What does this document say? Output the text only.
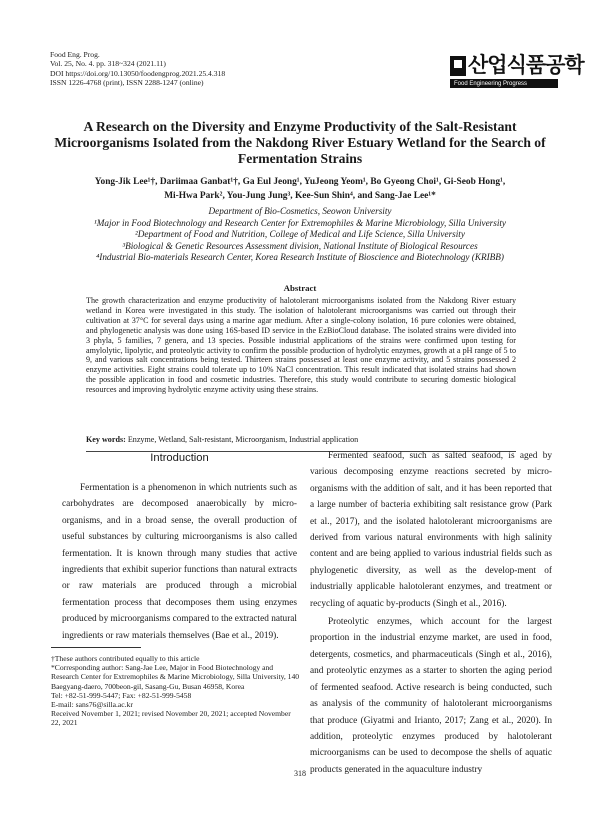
Food Eng. Prog.
Vol. 25, No. 4. pp. 318~324 (2021.11)
DOI https://doi.org/10.13050/foodengprog.2021.25.4.318
ISSN 1226-4768 (print), ISSN 2288-1247 (online)
산업식품공학
Food Engineering Progress
A Research on the Diversity and Enzyme Productivity of the Salt-Resistant Microorganisms Isolated from the Nakdong River Estuary Wetland for the Search of Fermentation Strains
Yong-Jik Lee¹†, Dariimaa Ganbat¹†, Ga Eul Jeong¹, YuJeong Yeom¹, Bo Gyeong Choi¹, Gi-Seob Hong¹,
Mi-Hwa Park², You-Jung Jung³, Kee-Sun Shin⁴, and Sang-Jae Lee¹*
Department of Bio-Cosmetics, Seowon University
¹Major in Food Biotechnology and Research Center for Extremophiles & Marine Microbiology, Silla University
²Department of Food and Nutrition, College of Medical and Life Science, Silla University
³Biological & Genetic Resources Assessment division, National Institute of Biological Resources
⁴Industrial Bio-materials Research Center, Korea Research Institute of Bioscience and Biotechnology (KRIBB)
Abstract
The growth characterization and enzyme productivity of halotolerant microorganisms isolated from the Nakdong River estuary wetland in Korea were investigated in this study. The isolation of halotolerant microorganisms was carried out through their cultivation at 37°C for several days using a marine agar medium. After a single-colony isolation, 16 pure colonies were obtained, and phylogenetic analysis was done using 16S-based ID service in the EzBioCloud database. The isolated strains were divided into 3 phyla, 5 families, 7 genera, and 13 species. Possible industrial applications of the strains were confirmed upon testing for amylolytic, lipolytic, and proteolytic activity to confirm the possible production of hydrolytic enzymes, growth at a pH range of 5 to 9, and various salt concentrations being tested. Thirteen strains possessed at least one enzyme activity, and 5 strains possessed 2 enzyme activities. Eight strains could tolerate up to 10% NaCl concentration. This result indicated that isolated strains had shown the possible application in food and cosmetic industries. Therefore, this study would contribute to securing domestic biological resources and improving hydrolytic enzyme activity using these strains.
Key words: Enzyme, Wetland, Salt-resistant, Microorganism, Industrial application
Introduction

Fermentation is a phenomenon in which nutrients such as carbohydrates are decomposed anaerobically by micro-organisms, and in a broad sense, the overall production of useful substances by culturing microorganisms is also called fermentation. It is known through many studies that active ingredients that exhibit superior functions than natural extracts or raw materials are produced through a microbial fermentation process that decomposes them using enzymes produced by microorganisms compared to the extracted natural ingredients or raw materials themselves (Bae et al., 2019).

Fermented seafood, such as salted seafood, is aged by various decomposing enzyme reactions secreted by micro-organisms with the addition of salt, and it has been reported that a large number of bacteria exhibiting salt resistance grow (Park et al., 2017), and the isolated halotolerant microorganisms are derived from various natural environments with high salinity content and are being applied to various industrial fields such as phylogenetic diversity, as well as the develop-ment of industrially applicable halotolerant enzymes, and treatment or recycling of aquatic by-products (Singh et al., 2016).

Proteolytic enzymes, which account for the largest proportion in the industrial enzyme market, are used in food, detergents, cosmetics, and pharmaceuticals (Singh et al., 2016), and proteolytic enzymes as a starter to shorten the aging period of fermented seafood. Active research is being conducted, such as analysis of the community of halotolerant microorganisms that produce (Giyatmi and Irianto, 2017; Zang et al., 2020). In addition, proteolytic enzymes produced by halotolerant microorganisms can be used to decompose the shells of aquatic products generated in the aquaculture industry

†These authors contributed equally to this article
*Corresponding author: Sang-Jae Lee, Major in Food Biotechnology and Research Center for Extremophiles & Marine Microbiology, Silla University, 140 Baegyang-daero, 700beon-gil, Sasang-Gu, Busan 46958, Korea
Tel: +82-51-999-5447; Fax: +82-51-999-5458
E-mail: sans76@silla.ac.kr
Received November 1, 2021; revised November 20, 2021; accepted November 22, 2021
318
